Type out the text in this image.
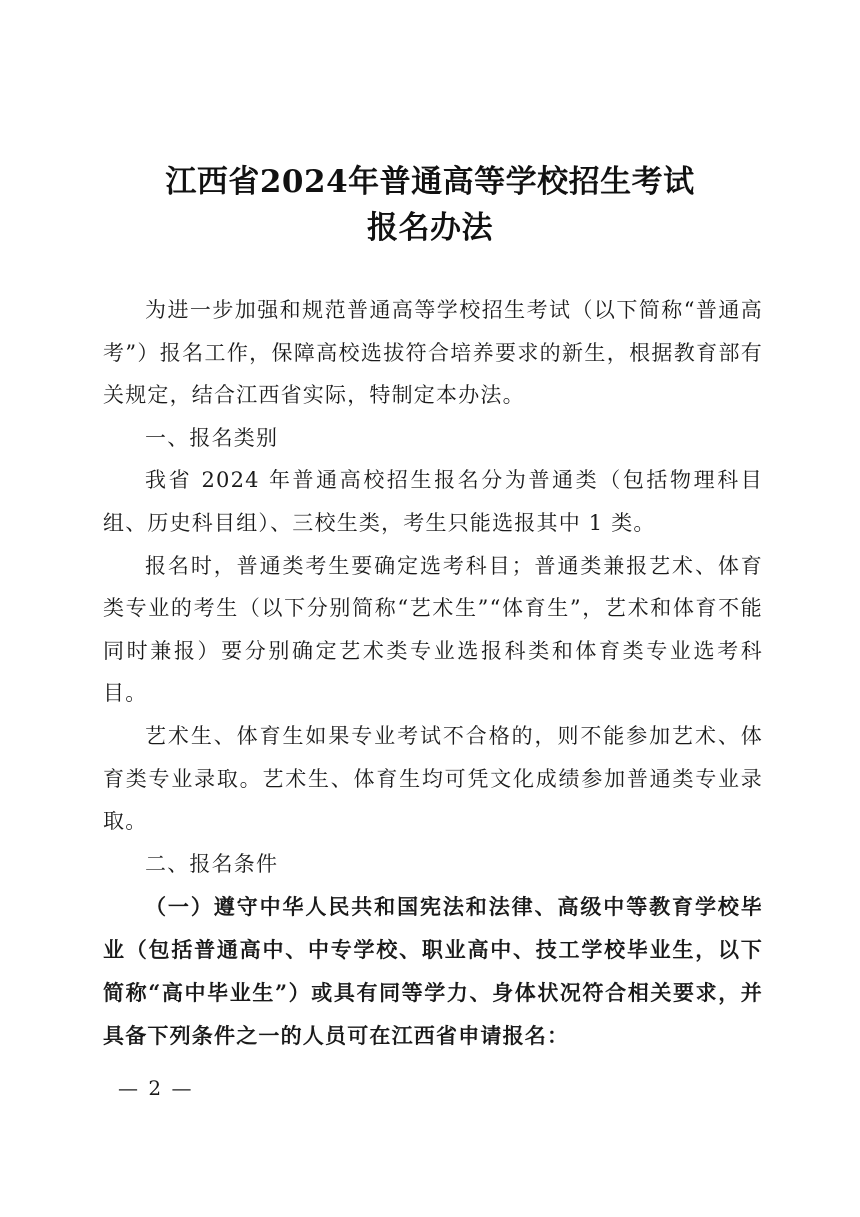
江西省2024年普通高等学校招生考试
报名办法

为进一步加强和规范普通高等学校招生考试（以下简称“普通高考”）报名工作，保障高校选拔符合培养要求的新生，根据教育部有关规定，结合江西省实际，特制定本办法。

一、报名类别

我省 2024 年普通高校招生报名分为普通类（包括物理科目组、历史科目组）、三校生类，考生只能选报其中 1 类。

报名时，普通类考生要确定选考科目；普通类兼报艺术、体育类专业的考生（以下分别简称“艺术生”“体育生”，艺术和体育不能同时兼报）要分别确定艺术类专业选报科类和体育类专业选考科目。

艺术生、体育生如果专业考试不合格的，则不能参加艺术、体育类专业录取。艺术生、体育生均可凭文化成绩参加普通类专业录取。

二、报名条件

（一）遵守中华人民共和国宪法和法律、高级中等教育学校毕业（包括普通高中、中专学校、职业高中、技工学校毕业生，以下简称“高中毕业生”）或具有同等学力、身体状况符合相关要求，并具备下列条件之一的人员可在江西省申请报名：

— 2 —
